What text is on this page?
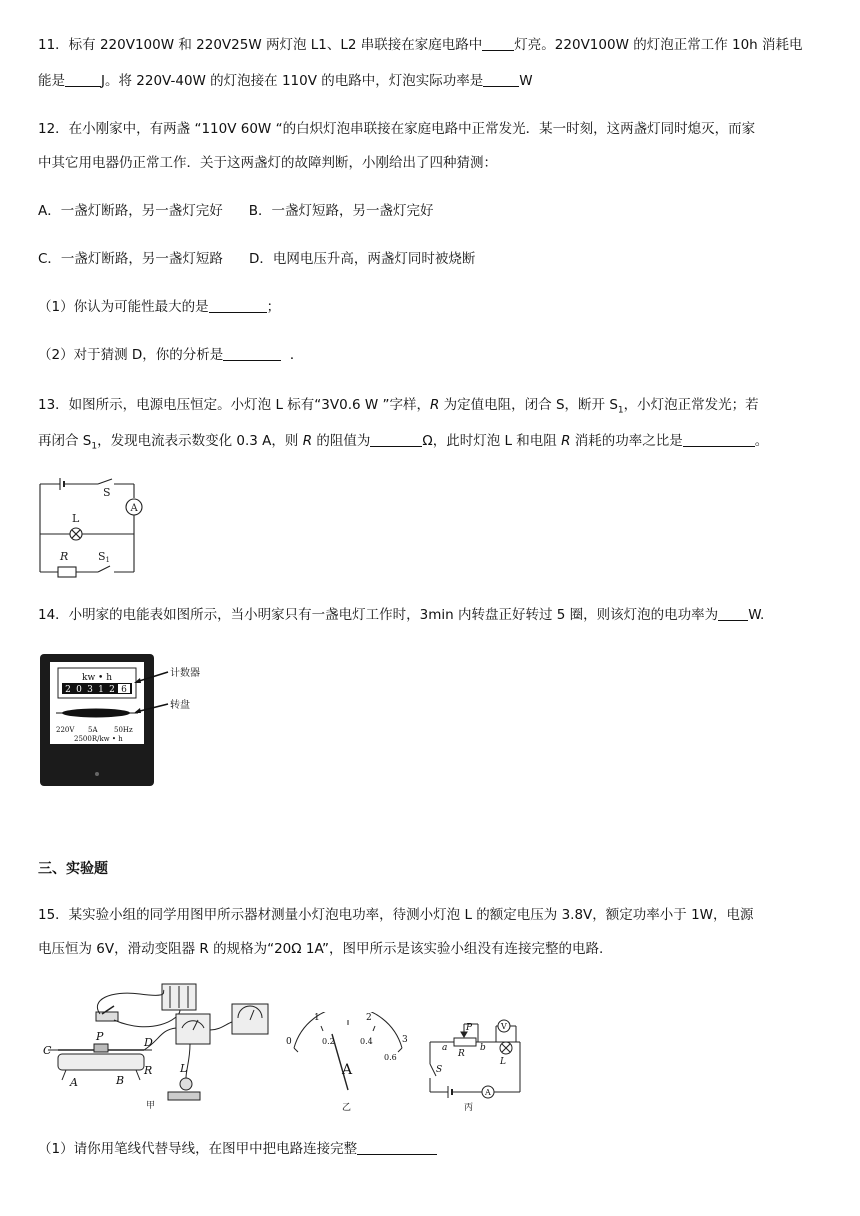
11．标有 220V100W 和 220V25W 两灯泡 L1、L2 串联接在家庭电路中 灯亮。220V100W 的灯泡正常工作 10h 消耗电
能是	J。将 220V-40W 的灯泡接在 110V 的电路中，灯泡实际功率是	W
12．在小刚家中，有两盏 “110V 60W “的白炽灯泡串联接在家庭电路中正常发光．某一时刻，这两盏灯同时熄灭，而家
中其它用电器仍正常工作．关于这两盏灯的故障判断，小刚给出了四种猜测：
A．一盏灯断路，另一盏灯完好 B．一盏灯短路，另一盏灯完好
C．一盏灯断路，另一盏灯短路 D．电网电压升高，两盏灯同时被烧断
（1）你认为可能性最大的是	；
（2）对于猜测 D，你的分析是	．
13．如图所示，电源电压恒定。小灯泡 L 标有“3V0.6 W ”字样，R 为定值电阻，闭合 S，断开 $S_1$，小灯泡正常发光；若
再闭合 $S_1$，发现电流表示数变化 0.3 A，则 R 的阻值为	Ω，此时灯泡 L 和电阻 R 消耗的功率之比是	。
S
A
L
R	S1
14．小明家的电能表如图所示，当小明家只有一盏电灯工作时，3min 内转盘正好转过 5 圈，则该灯泡的电功率为 W.
kw • h
2 0 3 1 2 6
220V 5A 50Hz
2500R/kw • h
计数器
转盘
三、实验题
15．某实验小组的同学用图甲所示器材测量小灯泡电功率，待测小灯泡 L 的额定电压为 3.8V，额定功率小于 1W，电源
电压恒为 6V，滑动变阻器 R 的规格为“20Ω 1A”，图甲所示是该实验小组没有连接完整的电路.
C
D
P
A	B
R	L
甲
0
1	2
3
0.2	0.4
0.6
A
乙
P
a	b
R
V
L
S
A
丙
（1）请你用笔线代替导线，在图甲中把电路连接完整
